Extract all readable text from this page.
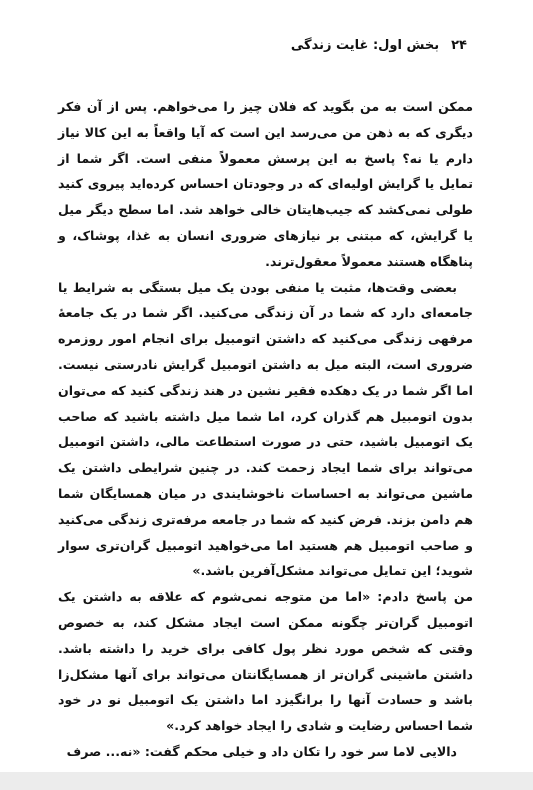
۲۴بخش اول: غایت زندگی

ممکن است به من بگوید که فلان چیز را می‌خواهم. پس از آن فکر دیگری که به ذهن من می‌رسد این است که آیا واقعاً به این کالا نیاز دارم یا نه؟ پاسخ به این پرسش معمولاً منفی است. اگر شما از تمایل یا گرایش اولیه‌ای که در وجودتان احساس کرده‌اید پیروی کنید طولی نمی‌کشد که جیب‌هایتان خالی خواهد شد. اما سطح دیگر میل یا گرایش، که مبتنی بر نیازهای ضروری انسان به غذا، پوشاک، و پناهگاه هستند معمولاً معقول‌ترند.

بعضی وقت‌ها، مثبت یا منفی بودن یک میل بستگی به شرایط یا جامعه‌ای دارد که شما در آن زندگی می‌کنید. اگر شما در یک جامعهٔ مرفهی زندگی می‌کنید که داشتن اتومبیل برای انجام امور روزمره ضروری است، البته میل به داشتن اتومبیل گرایش نادرستی نیست. اما اگر شما در یک دهکده فقیر نشین در هند زندگی کنید که می‌توان بدون اتومبیل هم گذران کرد، اما شما میل داشته باشید که صاحب یک اتومبیل باشید، حتی در صورت استطاعت مالی، داشتن اتومبیل می‌تواند برای شما ایجاد زحمت کند. در چنین شرایطی داشتن یک ماشین می‌تواند به احساسات ناخوشایندی در میان همسایگان شما هم دامن بزند. فرض کنید که شما در جامعه مرفه‌تری زندگی می‌کنید و صاحب اتومبیل هم هستید اما می‌خواهید اتومبیل گران‌تری سوار شوید؛ این تمایل می‌تواند مشکل‌آفرین باشد.»

من پاسخ دادم: «اما من متوجه نمی‌شوم که علاقه به داشتن یک اتومبیل گران‌تر چگونه ممکن است ایجاد مشکل کند، به خصوص وقتی که شخص مورد نظر پول کافی برای خرید را داشته باشد. داشتن ماشینی گران‌تر از همسایگانتان می‌تواند برای آنها مشکل‌زا باشد و حسادت آنها را برانگیزد اما داشتن یک اتومبیل نو در خود شما احساس رضایت و شادی را ایجاد خواهد کرد.»

دالایی لاما سر خود را تکان داد و خیلی محکم گفت: «نه... صرف
